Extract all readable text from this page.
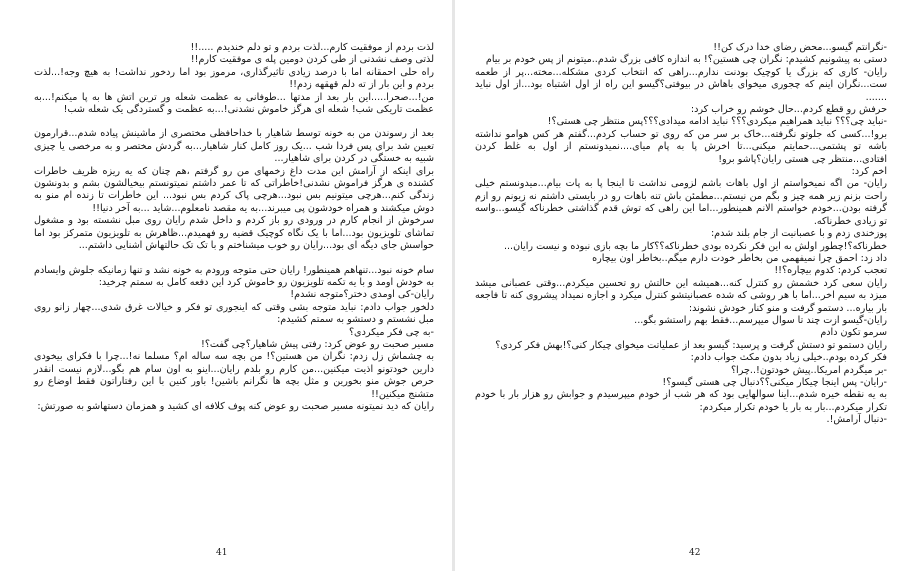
لذت بردم از موفقیت کارم...لذت بردم و تو دلم خندیدم .....!!
لذتی وصف نشدنی از طی کردن دومین پله ی موفقیت کارم!!
راه حلی احمقانه اما با درصد زیادی تاثیرگذاری، مرموز بود اما ردخور نداشت! به هیچ وجه!...لذت بردم و این بار از ته دلم قهقهه زدم!!
من!...صحرا.....این بار بعد از مدتها ...طوفانی به عظمت شعله ور ترین اتش ها به پا میکنم!...به عظمت تاریکی شب! شعله ای هرگز خاموش نشدنی!...به عظمت و گستردگی یک شعله شب!

بعد از رسوندن من به خونه توسط شاهیار با خداحافظی مختصری از ماشینش پیاده شدم...قرارمون تعیین شد برای پس فردا شب ...یک روز کامل کنار شاهیار...به گردش مختصر و به مرخصی یا چیزی شبیه به خستگی در کردن برای شاهیار...
برای اینکه از آرامش این مدت داغ زخمهای من رو گرفتم ،هم چنان که یه ریزه ظریف خاطرات کشنده ی هرگز فراموش نشدنی!خاطراتی که تا عمر داشتم نمیتونستم بیخیالشون بشم و بدونشون زندگی کنم...هرچی میتونیم بس نبود...هرچی پاک کردم بس نبود... این خاطرات تا زنده ام منو به دوش میکشند و همراه خودشون پی میبرند...به یه مقصد نامعلوم...شاید ...به آخر دنیا!!

سرخوش از انجام کارم در ورودی رو باز کردم و داخل شدم رایان روی مبل نشسته بود و مشغول تماشای تلویزیون بود...اما با یک نگاه کوچیک قضیه رو فهمیدم...ظاهرش به تلویزیون متمرکز بود اما حواسش جای دیگه ای بود...رایان رو خوب میشناختم و با تک تک حالتهاش اشنایی داشتم...

سام خونه نبود...تنهاهم همینطور! رایان حتی متوجه ورودم به خونه نشد و تنها زمانیکه جلوش وایسادم به خودش اومد و با یه تکمه تلویزیون رو خاموش کرد این دفعه کامل به سمتم چرخید:
رایان-کی اومدی دختر؟متوجه نشدم!
دلخور جواب دادم: نباید متوجه بشی وقتی که اینجوری تو فکر و خیالات غرق شدی...چهار زانو روی مبل نشستم و دستشو به سمتم کشیدم:
-به چی فکر میکردی؟
مسیر صحبت رو عوض کرد: رفتی پیش شاهیار؟چی گفت؟!
به چشماش زل زدم: نگران من هستین؟! من بچه سه ساله ام؟ مسلما نه!...چرا با فکرای بیخودی دارین خودتونو اذیت میکنین...من کارم رو بلدم رایان...اینو به اون سام هم بگو...لازم نیست انقدر حرص جوش منو بخورین و مثل بچه ها نگرانم باشین! باور کنین با این رفتاراتون فقط اوضاع رو متشنج میکنین!!
رایان که دید نمیتونه مسیر صحبت رو عوض کنه پوف کلافه ای کشید و همزمان دستهاشو به صورتش:

41

-نگرانتم گیسو...محض رضای خدا درک کن!!
دستی به پیشونیم کشیدم: نگران چی هستین؟! به اندازه کافی بزرگ شدم..میتونم از پس خودم بر بیام
رایان- کاری که بزرگ یا کوچیک بودنت ندارم...راهی که انتخاب کردی مشکله...مخته...پر از طعمه ست...نگران اینم که چجوری میخوای باهاش در بیوفتی؟گیسو این راه از اول اشتباه بود...از اول نباید .......
حرفش رو قطع کردم...حال خوشم رو خراب کرد:
-نباید چی؟؟؟ نباید همراهیم میکردی؟؟؟ نباید ادامه میدادی؟؟؟پس منتظر چی هستی؟!
برو!...کسی که جلوتو نگرفته...خاک بر سر من که روی تو حساب کردم...گفتم هر کس هوامو نداشته باشه تو پشتمی...حمایتم میکنی...تا اخرش پا به پام میای....نمیدونستم از اول به غلط کردن افتادی...منتظر چی هستی رایان؟پاشو برو!
اخم کرد:
رایان- من اگه نمیخواستم از اول باهات باشم لزومی نداشت تا اینجا پا به پات بیام...میدونستم خیلی راحت بزنم زیر همه چیز و بگم من نیستم...مطمئن باش تنه باهات رو در بایستی داشتم نه زیونم رو ازم گرفته بودن...خودم خواستم الانم همینطور...اما این راهی که توش قدم گذاشتی خطرناکه گیسو...واسه تو زیادی خطرناکه.
پوزخندی زدم و با عصبانیت از جام بلند شدم:
خطرناکه؟!چطور اولش به این فکر نکرده بودی خطرناکه؟؟کار ما بچه بازی نبوده و نیست رایان...
داد زد: احمق چرا نمیفهمی من بخاطر خودت دارم میگم..بخاطر اون بیچاره
تعجب کردم: کدوم بیچاره؟!!
رایان سعی کرد خشمش رو کنترل کنه...همیشه این حالتش رو تحسین میکردم...وقتی عصبانی میشد میزد به سیم اخر...اما با هر روشی که شده عصبانیتشو کنترل میکرد و اجازه نمیداد پیشروی کنه تا فاجعه بار بیاره... دستمو گرفت و منو کنار خودش نشوند:
رایان-گیسو ازت چند تا سوال میپرسم...فقط بهم راستشو بگو...
سرمو تکون دادم
رایان دستمو تو دستش گرفت و پرسید: گیسو بعد از عملیاتت میخوای چیکار کنی؟!بهش فکر کردی؟
فکر کرده بودم..خیلی زیاد بدون مکث جواب دادم:
-بر میگردم امریکا..پیش خودتون!..چرا؟
-رایان- پس اینجا چیکار میکنی؟؟دنبال چی هستی گیسو؟!
به یه نقطه خیره شدم...اینا سوالهایی بود که هر شب از خودم میپرسیدم و جوابش رو هزار بار با خودم تکرار میکردم...بار به بار یا خودم تکرار میکردم:
-دنبال آرامش!.

42
